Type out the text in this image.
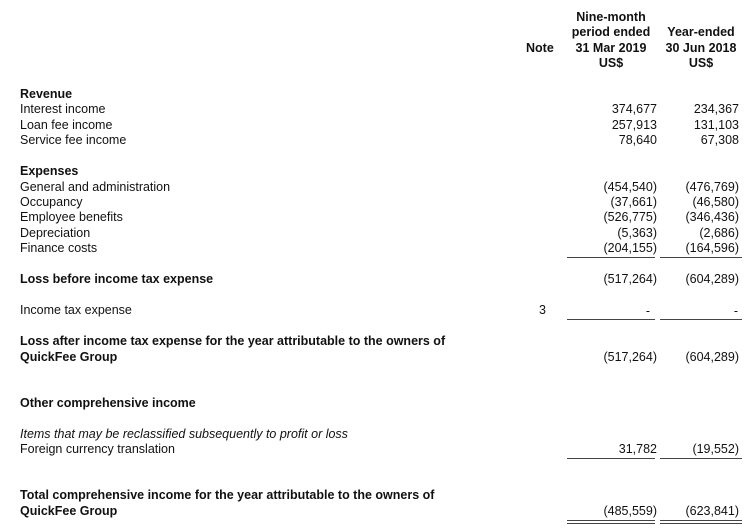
Nine-month
period ended
31 Mar 2019
US$
Year-ended
30 Jun 2018
US$
Note
Revenue
Interest income	374,677	234,367
Loan fee income	257,913	131,103
Service fee income	78,640	67,308
Expenses
General and administration	(454,540) (476,769)
Occupancy	(37,661)	(46,580)
Employee benefits	(526,775) (346,436)
Depreciation	(5,363)	(2,686)
Finance costs	(204,155) (164,596)
Loss before income tax expense	(517,264) (604,289)
Income tax expense	3	-	-
Loss after income tax expense for the year attributable to the owners of
QuickFee Group	(517,264) (604,289)
Other comprehensive income
Items that may be reclassified subsequently to profit or loss
Foreign currency translation	31,782	(19,552)
Total comprehensive income for the year attributable to the owners of
QuickFee Group	(485,559) (623,841)
